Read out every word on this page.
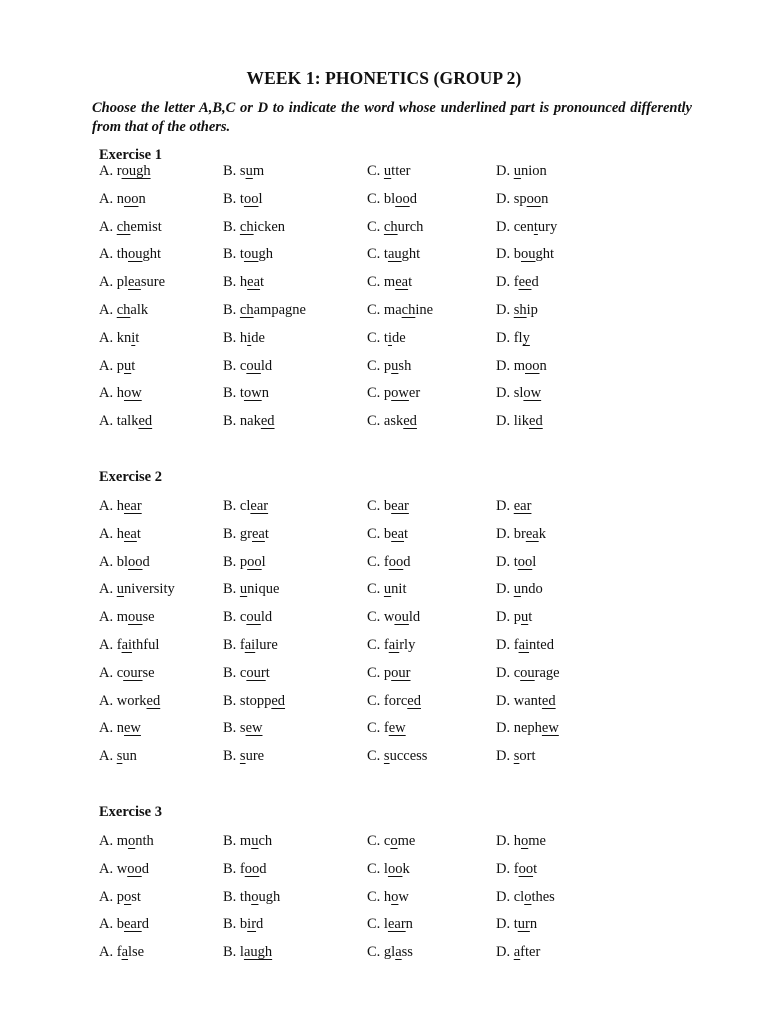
WEEK 1: PHONETICS (GROUP 2)
Choose the letter A,B,C or D to indicate the word whose underlined part is pronounced differently from that of the others.
Exercise 1
A. rough	B. sum	C. utter	D. union
A. noon	B. tool	C. blood	D. spoon
A. chemist	B. chicken	C. church	D. century
A. thought	B. tough	C. taught	D. bought
A. pleasure	B. heat	C. meat	D. feed
A. chalk	B. champagne	C. machine	D. ship
A. knit	B. hide	C. tide	D. fly
A. put	B. could	C. push	D. moon
A. how	B. town	C. power	D. slow
A. talked	B. naked	C. asked	D. liked
Exercise 2
A. hear	B. clear	C. bear	D. ear
A. heat	B. great	C. beat	D. break
A. blood	B. pool	C. food	D. tool
A. university	B. unique	C. unit	D. undo
A. mouse	B. could	C. would	D. put
A. faithful	B. failure	C. fairly	D. fainted
A. course	B. court	C. pour	D. courage
A. worked	B. stopped	C. forced	D. wanted
A. new	B. sew	C. few	D. nephew
A. sun	B. sure	C. success	D. sort
Exercise 3
A. month	B. much	C. come	D. home
A. wood	B. food	C. look	D. foot
A. post	B. though	C. how	D. clothes
A. beard	B. bird	C. learn	D. turn
A. false	B. laugh	C. glass	D. after
